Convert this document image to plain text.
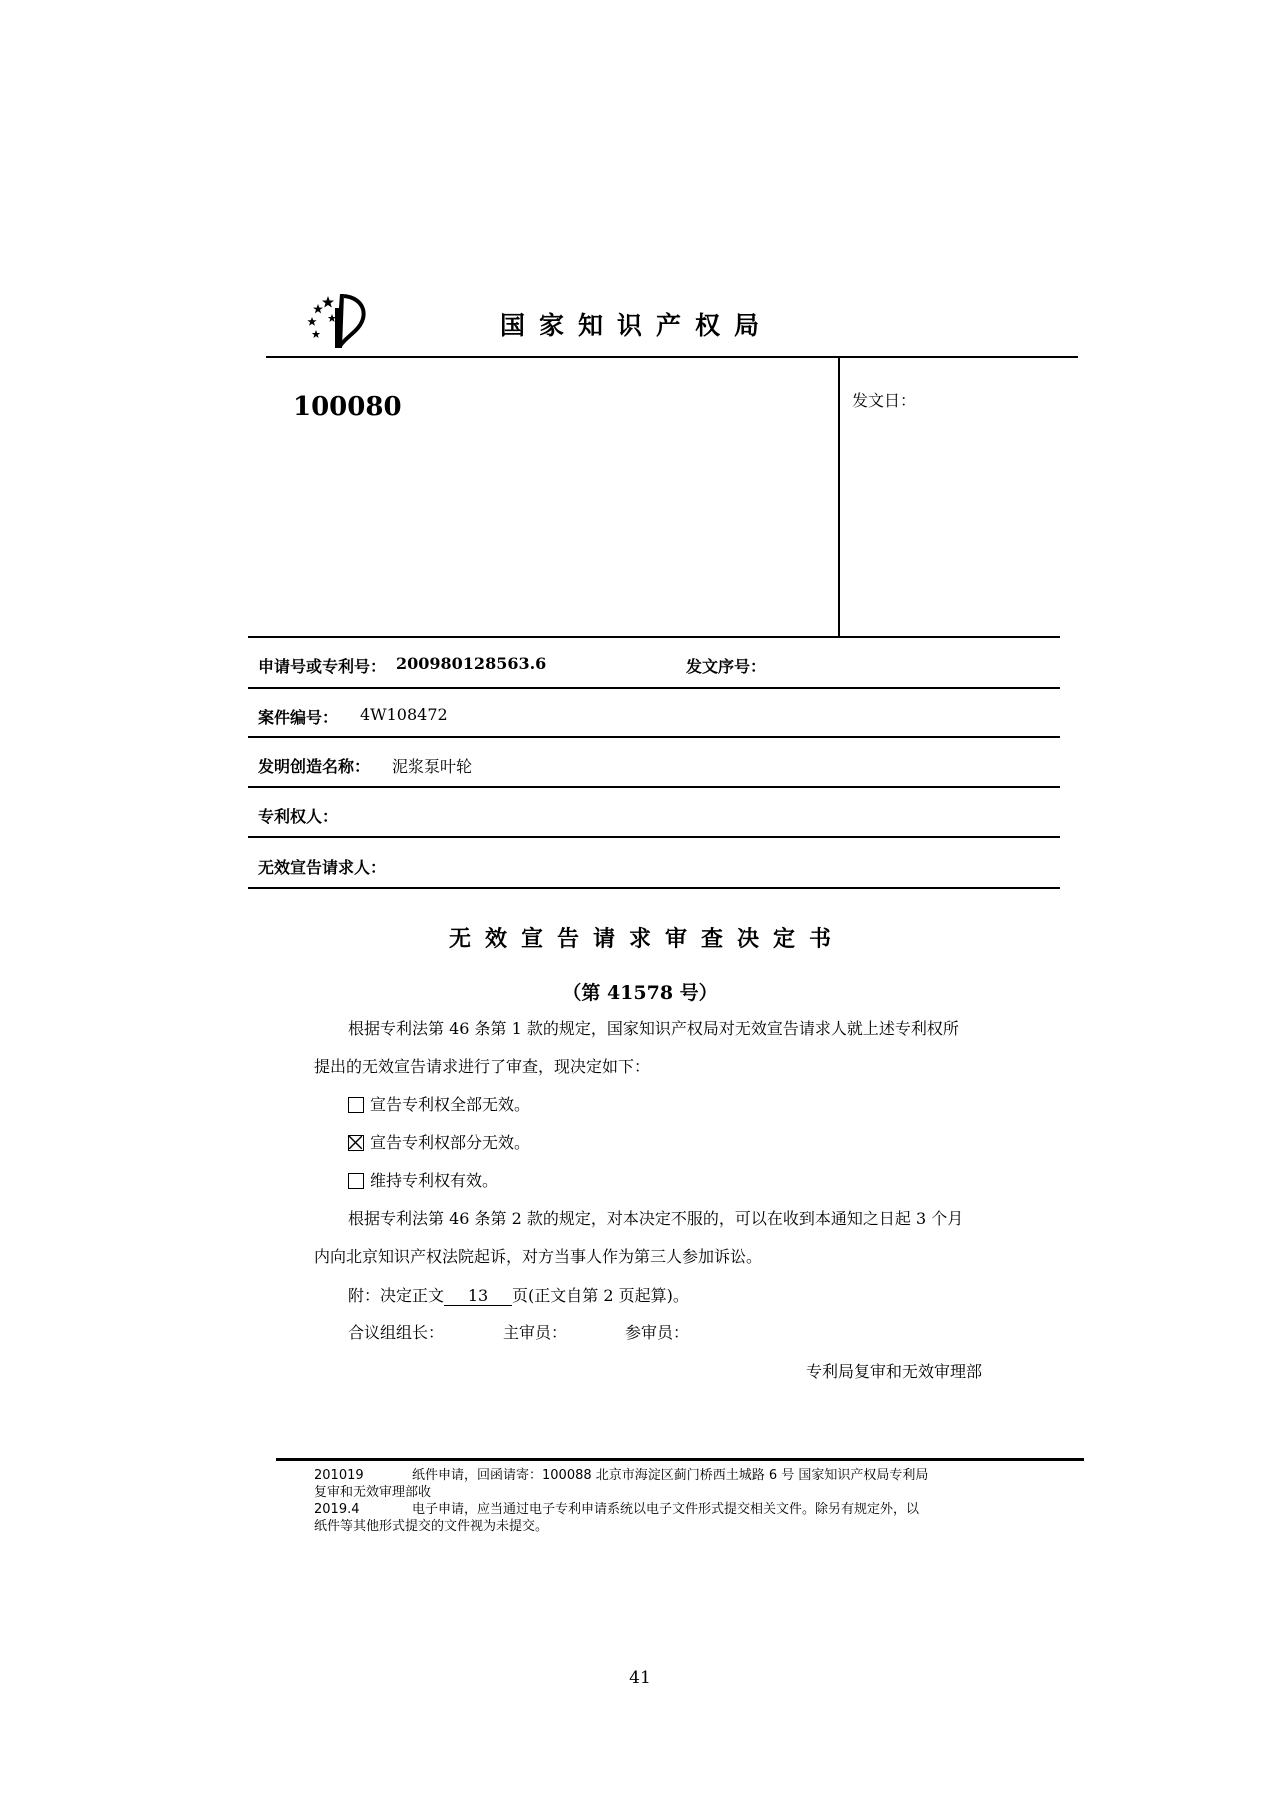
国家知识产权局
100080	发文日：
申请号或专利号： 200980128563.6	发文序号：
案件编号： 4W108472
发明创造名称： 泥浆泵叶轮
专利权人：
无效宣告请求人：
无效宣告请求审查决定书
（第 41578 号）
根据专利法第 46 条第 1 款的规定，国家知识产权局对无效宣告请求人就上述专利权所
提出的无效宣告请求进行了审查，现决定如下：
宣告专利权全部无效。
宣告专利权部分无效。
维持专利权有效。
根据专利法第 46 条第 2 款的规定，对本决定不服的，可以在收到本通知之日起 3 个月
内向北京知识产权法院起诉，对方当事人作为第三人参加诉讼。
附：决定正文 13 页(正文自第 2 页起算)。
合议组组长：	主审员：	参审员：
专利局复审和无效审理部
201019	纸件申请，回函请寄：100088 北京市海淀区蓟门桥西土城路 6 号 国家知识产权局专利局
复审和无效审理部收
2019.4	电子申请，应当通过电子专利申请系统以电子文件形式提交相关文件。除另有规定外，以
纸件等其他形式提交的文件视为未提交。
41
